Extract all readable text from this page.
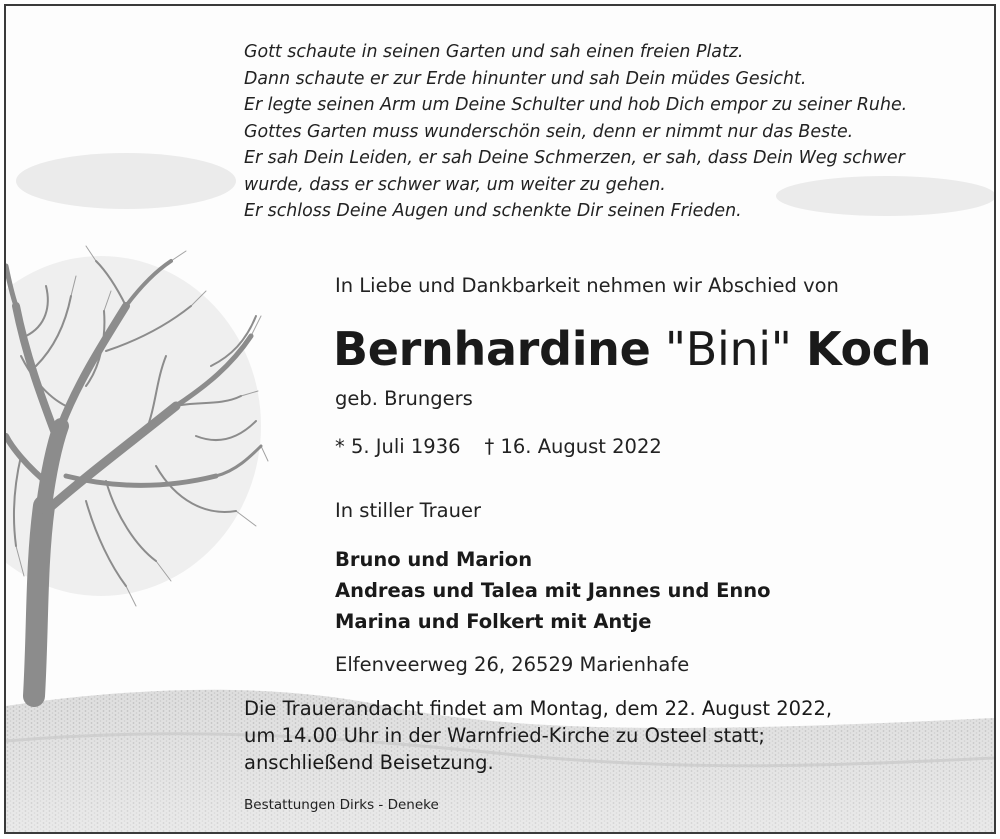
Gott schaute in seinen Garten und sah einen freien Platz.
Dann schaute er zur Erde hinunter und sah Dein müdes Gesicht.
Er legte seinen Arm um Deine Schulter und hob Dich empor zu seiner Ruhe.
Gottes Garten muss wunderschön sein, denn er nimmt nur das Beste.
Er sah Dein Leiden, er sah Deine Schmerzen, er sah, dass Dein Weg schwer
wurde, dass er schwer war, um weiter zu gehen.
Er schloss Deine Augen und schenkte Dir seinen Frieden.
In Liebe und Dankbarkeit nehmen wir Abschied von
Bernhardine "Bini" Koch
geb. Brungers
* 5. Juli 1936 † 16. August 2022
In stiller Trauer
Bruno und Marion
Andreas und Talea mit Jannes und Enno
Marina und Folkert mit Antje
Elfenveerweg 26, 26529 Marienhafe
Die Trauerandacht findet am Montag, dem 22. August 2022,
um 14.00 Uhr in der Warnfried-Kirche zu Osteel statt;
anschließend Beisetzung.
Bestattungen Dirks - Deneke
